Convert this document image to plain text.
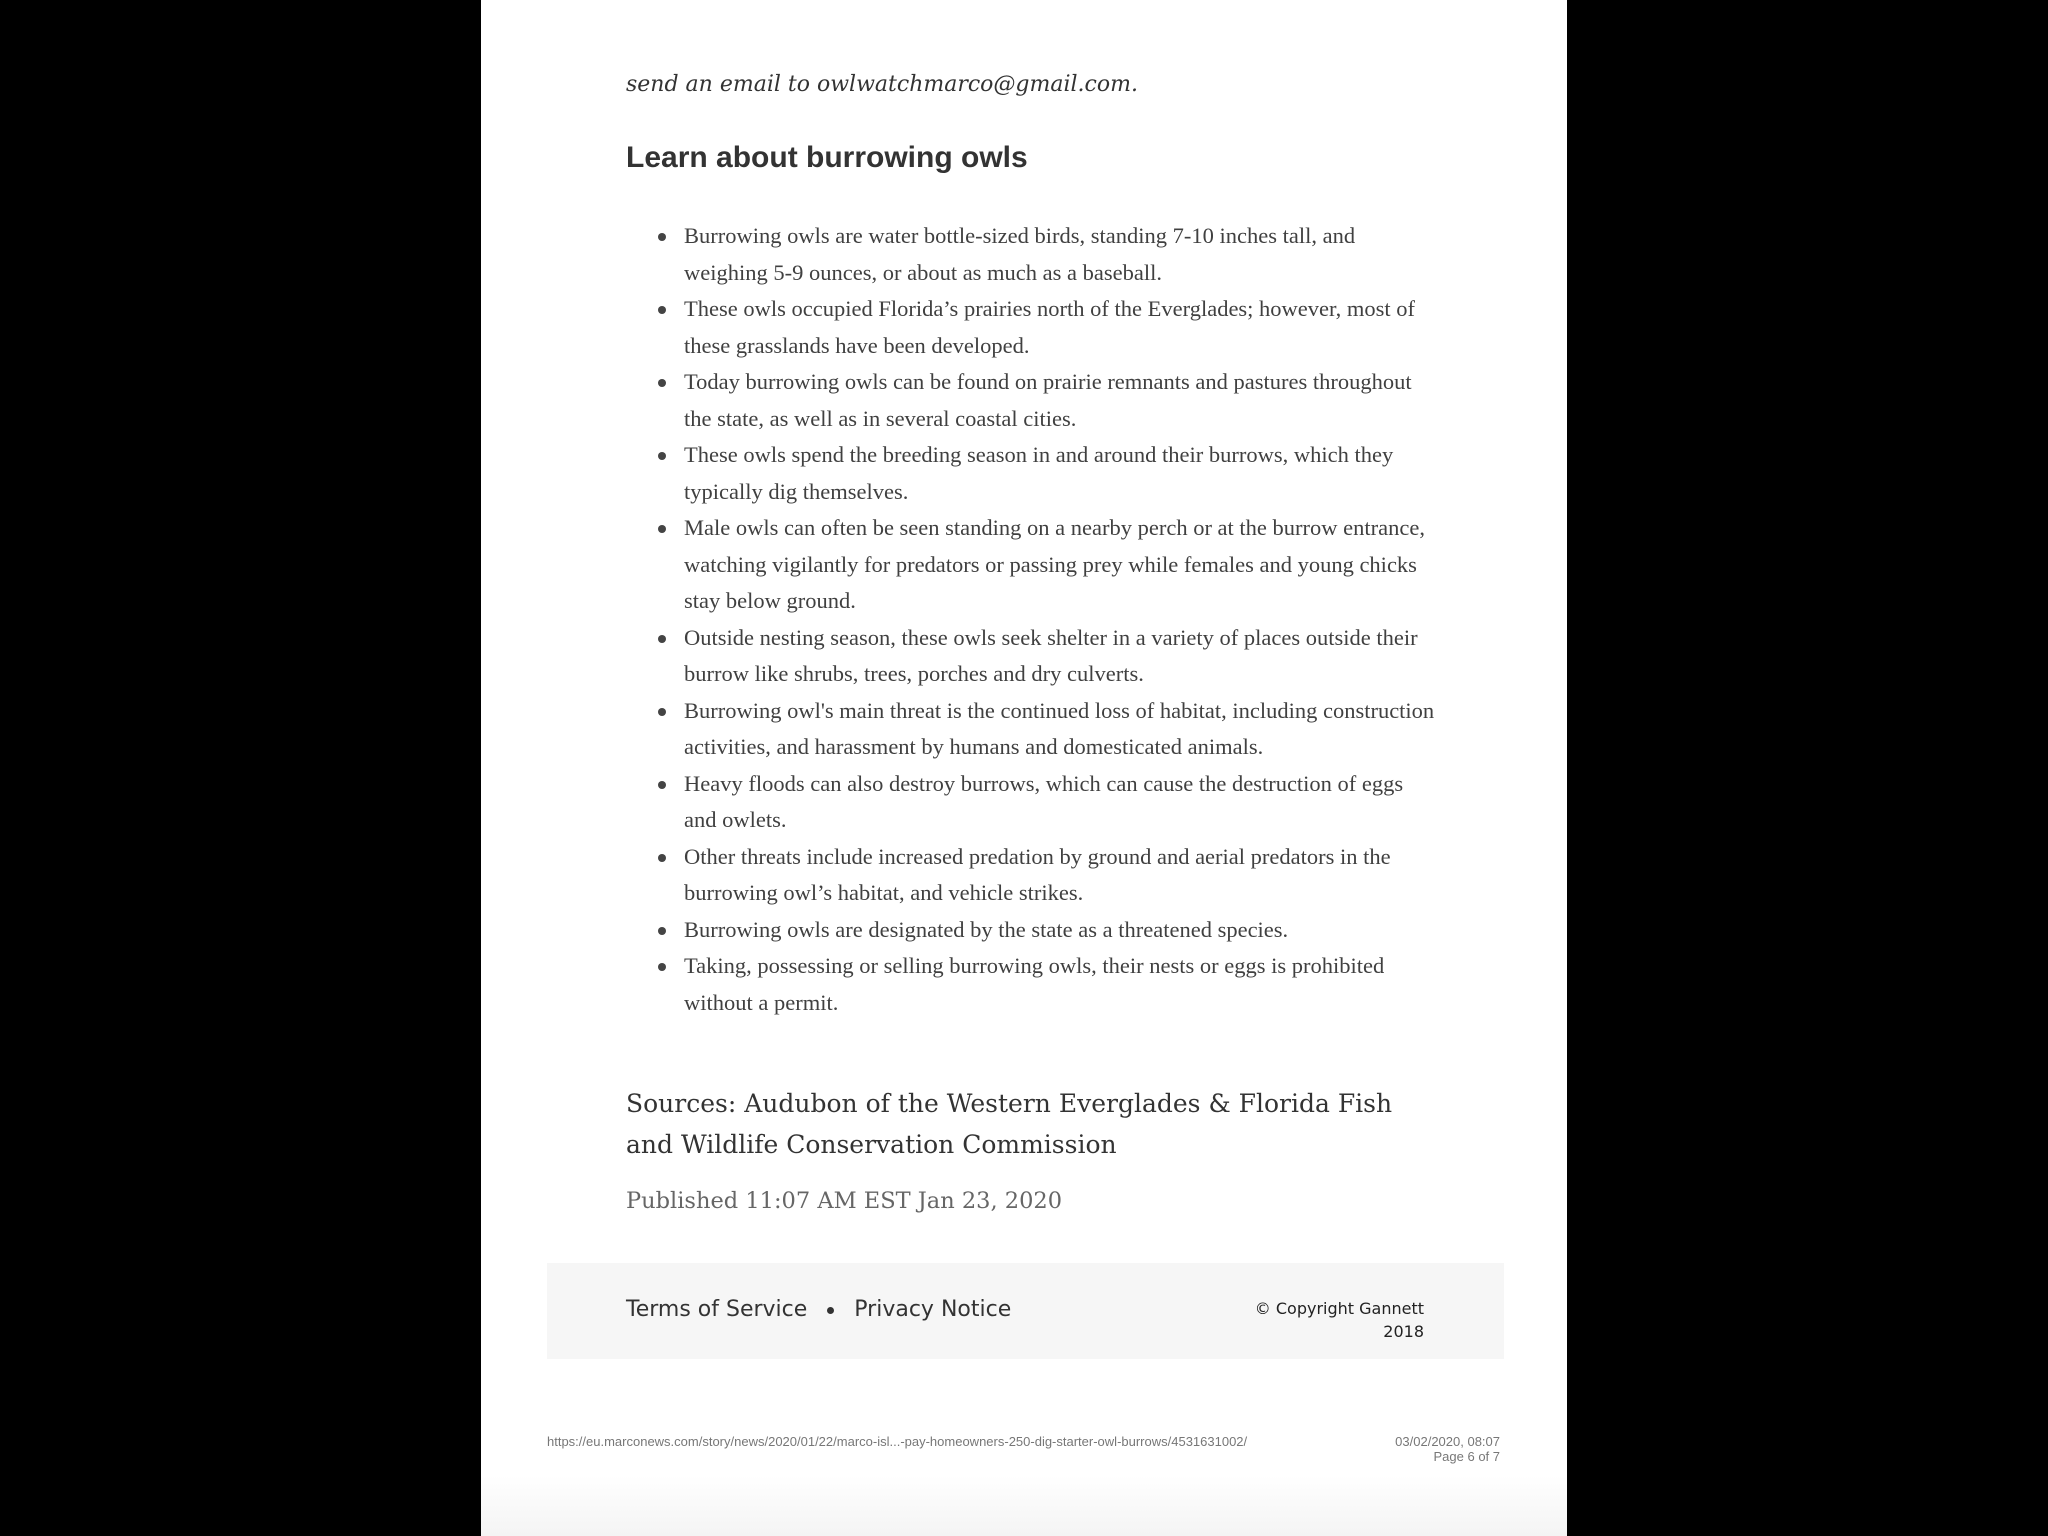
send an email to owlwatchmarco@gmail.com.

Learn about burrowing owls
Burrowing owls are water bottle-sized birds, standing 7-10 inches tall, and weighing 5-9 ounces, or about as much as a baseball.
These owls occupied Florida’s prairies north of the Everglades; however, most of these grasslands have been developed.
Today burrowing owls can be found on prairie remnants and pastures throughout the state, as well as in several coastal cities.
These owls spend the breeding season in and around their burrows, which they typically dig themselves.
Male owls can often be seen standing on a nearby perch or at the burrow entrance, watching vigilantly for predators or passing prey while females and young chicks stay below ground.
Outside nesting season, these owls seek shelter in a variety of places outside their burrow like shrubs, trees, porches and dry culverts.
Burrowing owl's main threat is the continued loss of habitat, including construction activities, and harassment by humans and domesticated animals.
Heavy floods can also destroy burrows, which can cause the destruction of eggs and owlets.
Other threats include increased predation by ground and aerial predators in the burrowing owl’s habitat, and vehicle strikes.
Burrowing owls are designated by the state as a threatened species.
Taking, possessing or selling burrowing owls, their nests or eggs is prohibited without a permit.

Sources: Audubon of the Western Everglades & Florida Fish and Wildlife Conservation Commission

Published 11:07 AM EST Jan 23, 2020

Terms of Service Privacy Notice	© Copyright Gannett
2018
https://eu.marconews.com/story/news/2020/01/22/marco-isl...-pay-homeowners-250-dig-starter-owl-burrows/4531631002/	03/02/2020, 08:07
Page 6 of 7
